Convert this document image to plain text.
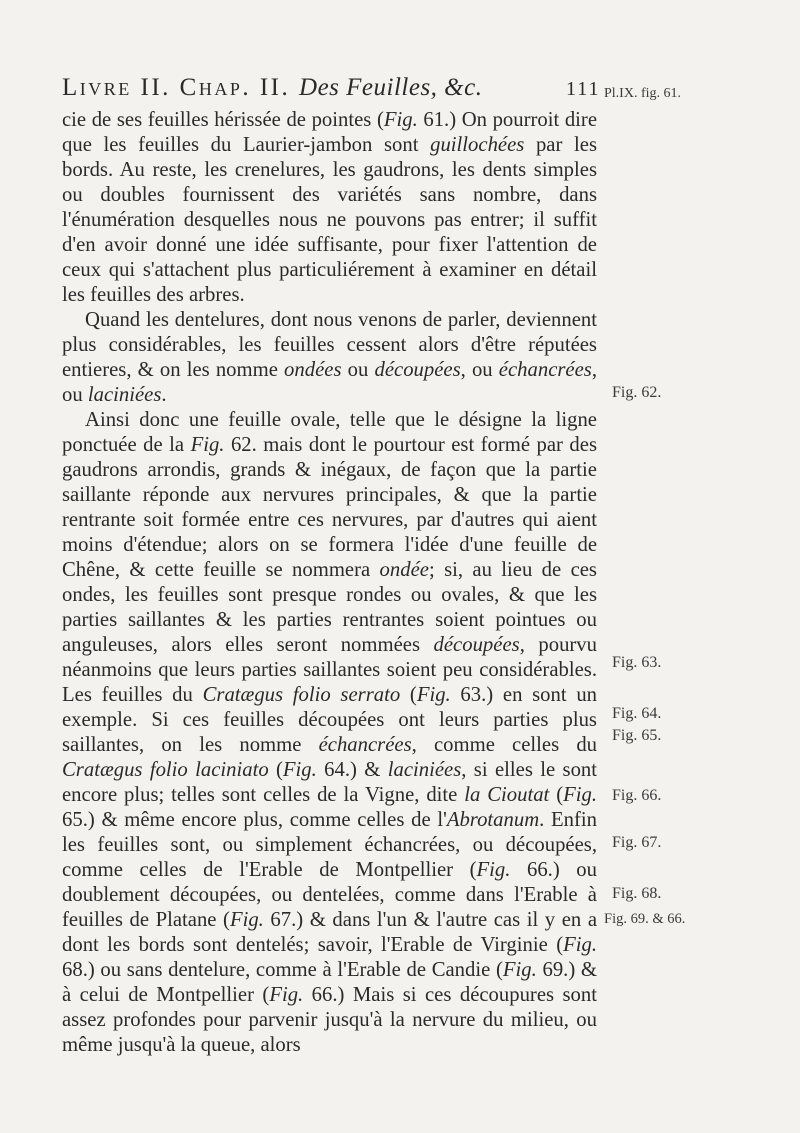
Livre II. Chap. II. Des Feuilles, &c.	111

cie de ses feuilles hérissée de pointes (Fig. 61.) On pourroit dire que les feuilles du Laurier-jambon sont guillochées par les bords. Au reste, les crenelures, les gaudrons, les dents simples ou doubles fournissent des variétés sans nombre, dans l'énumération desquelles nous ne pouvons pas entrer; il suffit d'en avoir donné une idée suffisante, pour fixer l'attention de ceux qui s'attachent plus particuliérement à examiner en détail les feuilles des arbres.

Quand les dentelures, dont nous venons de parler, deviennent plus considérables, les feuilles cessent alors d'être réputées entieres, & on les nomme ondées ou découpées, ou échancrées, ou laciniées.

Ainsi donc une feuille ovale, telle que le désigne la ligne ponctuée de la Fig. 62. mais dont le pourtour est formé par des gaudrons arrondis, grands & inégaux, de façon que la partie saillante réponde aux nervures principales, & que la partie rentrante soit formée entre ces nervures, par d'autres qui aient moins d'étendue; alors on se formera l'idée d'une feuille de Chêne, & cette feuille se nommera ondée; si, au lieu de ces ondes, les feuilles sont presque rondes ou ovales, & que les parties saillantes & les parties rentrantes soient pointues ou anguleuses, alors elles seront nommées découpées, pourvu néanmoins que leurs parties saillantes soient peu considérables. Les feuilles du Cratægus folio serrato (Fig. 63.) en sont un exemple. Si ces feuilles découpées ont leurs parties plus saillantes, on les nomme échancrées, comme celles du Cratægus folio laciniato (Fig. 64.) & laciniées, si elles le sont encore plus; telles sont celles de la Vigne, dite la Cioutat (Fig. 65.) & même encore plus, comme celles de l'Abrotanum. Enfin les feuilles sont, ou simplement échancrées, ou découpées, comme celles de l'Erable de Montpellier (Fig. 66.) ou doublement découpées, ou dentelées, comme dans l'Erable à feuilles de Platane (Fig. 67.) & dans l'un & l'autre cas il y en a dont les bords sont dentelés; savoir, l'Erable de Virginie (Fig. 68.) ou sans dentelure, comme à l'Erable de Candie (Fig. 69.) & à celui de Montpellier (Fig. 66.) Mais si ces découpures sont assez profondes pour parvenir jusqu'à la nervure du milieu, ou même jusqu'à la queue, alors

Pl.IX. fig. 61.
Fig. 62.
Fig. 63.
Fig. 64.
Fig. 65.
Fig. 66.
Fig. 67.
Fig. 68.
Fig. 69. & 66.
